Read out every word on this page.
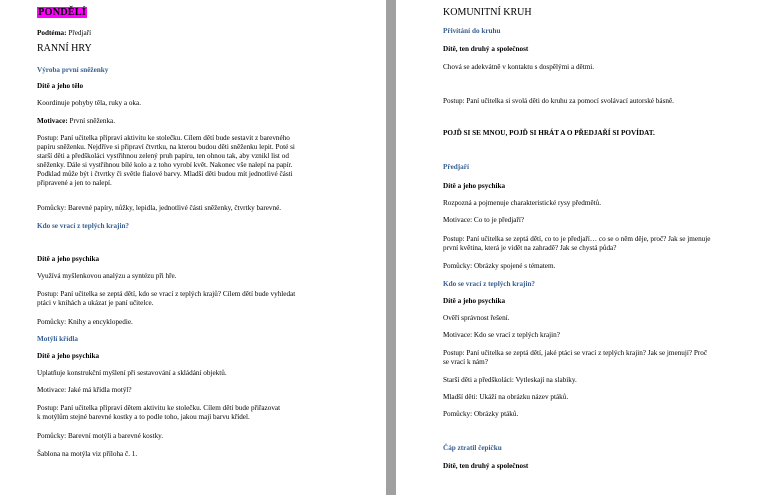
PONDĚLÍ
Podtéma: Předjaří
RANNÍ HRY
Výroba první sněženky
Dítě a jeho tělo
Koordinuje pohyby těla, ruky a oka.
Motivace: První sněženka.
Postup: Paní učitelka připraví aktivitu ke stolečku. Cílem dětí bude sestavit z barevného
papíru sněženku. Nejdříve si připraví čtvrtku, na kterou budou děti sněženku lepit. Poté si
starší děti a předškoláci vystřihnou zelený pruh papíru, ten ohnou tak, aby vznikl list od
sněženky. Dále si vystřihnou bílé kolo a z toho vyrobí květ. Nakonec vše nalepí na papír.
Podklad může být i čtvrtky či světle fialové barvy. Mladší děti budou mít jednotlivé části
připravené a jen to nalepí.
Pomůcky: Barevné papíry, nůžky, lepidla, jednotlivé části sněženky, čtvrtky barevné.
Kdo se vrací z teplých krajin?
Dítě a jeho psychika
Využívá myšlenkovou analýzu a syntézu při hře.
Postup: Paní učitelka se zeptá dětí, kdo se vrací z teplých krajů? Cílem dětí bude vyhledat
ptáci v knihách a ukázat je paní učitelce.
Pomůcky: Knihy a encyklopedie.
Motýlí křídla
Dítě a jeho psychika
Uplatňuje konstrukční myšlení při sestavování a skládání objektů.
Motivace: Jaké má křídla motýl?
Postup: Paní učitelka připraví dětem aktivitu ke stolečku. Cílem dětí bude přiřazovat
k motýlům stejné barevné kostky a to podle toho, jakou mají barvu křídel.
Pomůcky: Barevní motýli a barevné kostky.
Šablona na motýla viz příloha č. 1.
KOMUNITNÍ KRUH
Přivítání do kruhu
Dítě, ten druhý a společnost
Chová se adekvátně v kontaktu s dospělými a dětmi.
Postup: Paní učitelka si svolá děti do kruhu za pomocí svolávací autorské básně.
POJĎ SI SE MNOU, POJĎ SI HRÁT A O PŘEDJAŘÍ SI POVÍDAT.
Předjaří
Dítě a jeho psychika
Rozpozná a pojmenuje charakteristické rysy předmětů.
Motivace: Co to je předjaří?
Postup: Paní učitelka se zeptá dětí, co to je předjaří… co se o něm děje, proč? Jak se jmenuje
první květina, která je vidět na zahradě? Jak se chystá půda?
Pomůcky: Obrázky spojené s tématem.
Kdo se vrací z teplých krajin?
Dítě a jeho psychika
Ověří správnost řešení.
Motivace: Kdo se vrací z teplých krajin?
Postup: Paní učitelka se zeptá dětí, jaké ptáci se vrací z teplých krajin? Jak se jmenují? Proč
se vrací k nám?
Starší děti a předškoláci: Vytleskají na slabiky.
Mladší děti: Ukáží na obrázku název ptáků.
Pomůcky: Obrázky ptáků.
Čáp ztratil čepičku
Dítě, ten druhý a společnost
